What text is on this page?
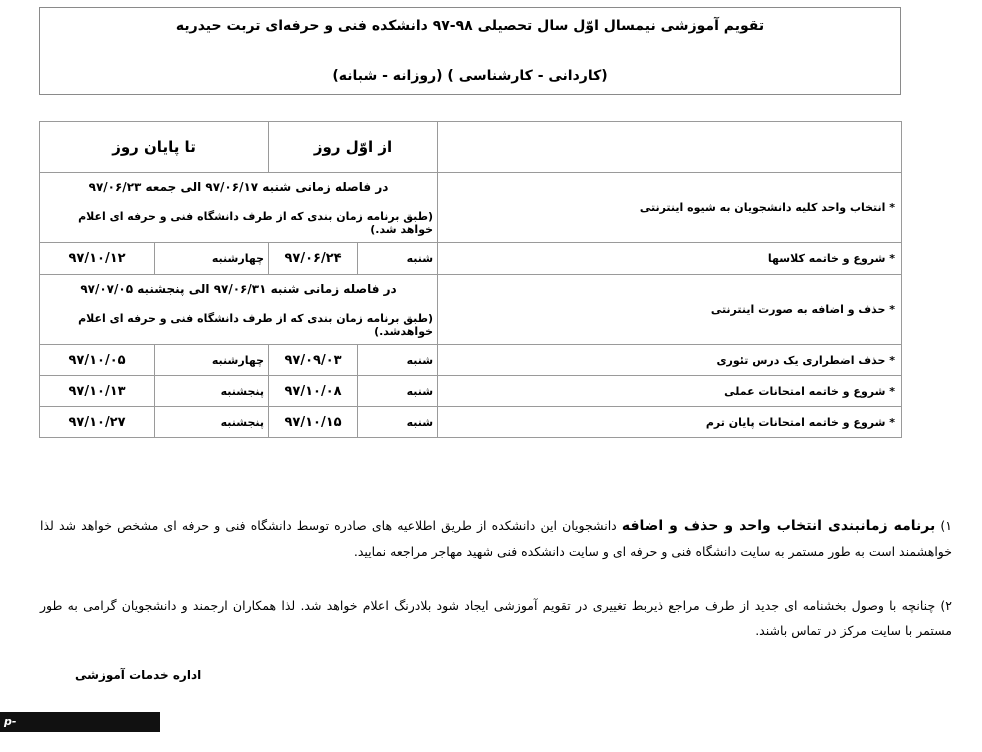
تقویم آموزشی نیمسال اوّل سال تحصیلی ۹۸-۹۷ دانشکده فنی و حرفه‌ای تربت حیدریه
(کاردانی - کارشناسی ) (روزانه - شبانه)
	از اوّل روز		تا پایان روز	
* انتخاب واحد کلیه دانشجویان به شیوه اینترنتی	در فاصله زمانی شنبه ۹۷/۰۶/۱۷ الی جمعه ۹۷/۰۶/۲۳
(طبق برنامه زمان بندی که از طرف دانشگاه فنی و حرفه ای اعلام خواهد شد.)			

* شروع و خاتمه کلاسها	شنبه	۹۷/۰۶/۲۴	چهارشنبه	۹۷/۱۰/۱۲
* حذف و اضافه به صورت اینترنتی	در فاصله زمانی شنبه ۹۷/۰۶/۳۱ الی پنجشنبه ۹۷/۰۷/۰۵
(طبق برنامه زمان بندی که از طرف دانشگاه فنی و حرفه ای اعلام خواهدشد.)			

* حذف اضطراری یک درس تئوری	شنبه	۹۷/۰۹/۰۳	چهارشنبه	۹۷/۱۰/۰۵
* شروع و خاتمه امتحانات عملی	شنبه	۹۷/۱۰/۰۸	پنجشنبه	۹۷/۱۰/۱۳
* شروع و خاتمه امتحانات پایان ترم	شنبه	۹۷/۱۰/۱۵	پنجشنبه	۹۷/۱۰/۲۷
۱) برنامه زمانبندی انتخاب واحد و حذف و اضافه دانشجویان این دانشکده از طریق اطلاعیه های صادره توسط دانشگاه فنی و حرفه ای مشخص خواهد شد لذا خواهشمند است به طور مستمر به سایت دانشگاه فنی و حرفه ای و سایت دانشکده فنی شهید مهاجر مراجعه نمایید.
۲) چنانچه با وصول بخشنامه ای جدید از طرف مراجع ذیربط تغییری در تقویم آموزشی ایجاد شود بلادرنگ اعلام خواهد شد. لذا همکاران ارجمند و دانشجویان گرامی به طور مستمر با سایت مرکز در تماس باشند.
اداره خدمات آموزشی
p-torbatheidarye.tvu.ac.ir۹/
